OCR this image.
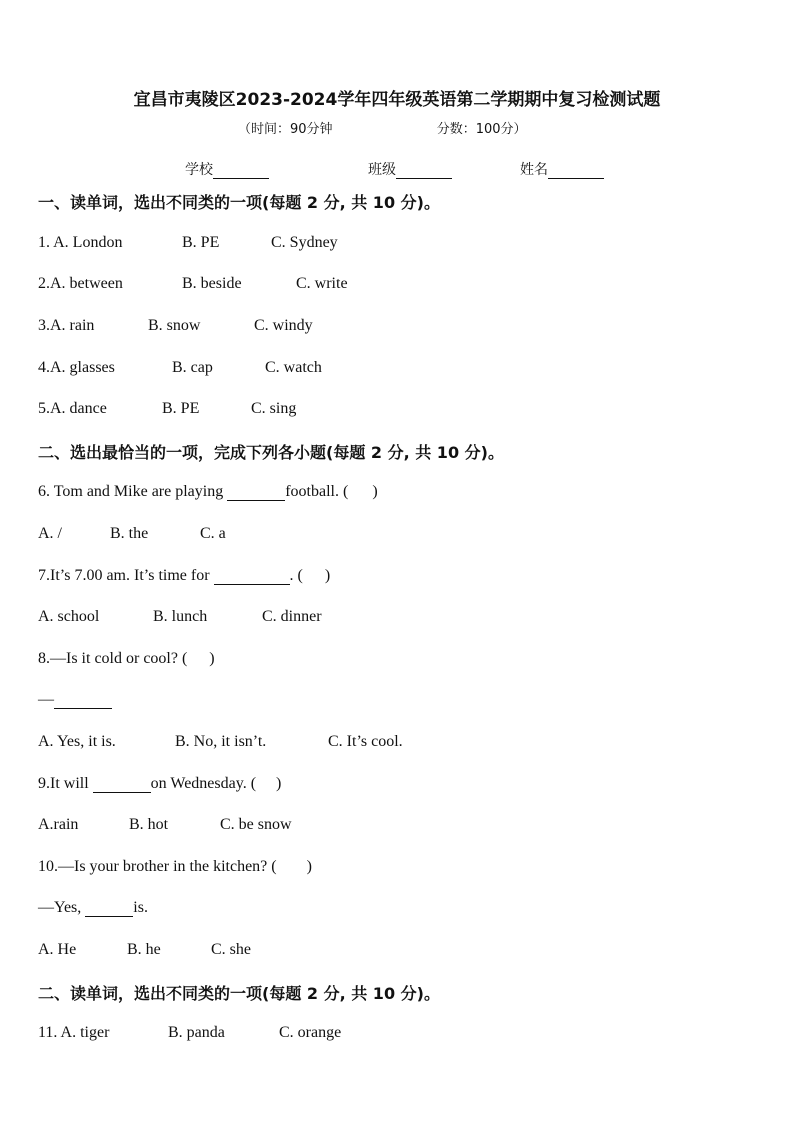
宜昌市夷陵区2023-2024学年四年级英语第二学期期中复习检测试题
（时间：90分钟	分数：100分）
学校	班级	姓名
一、读单词，选出不同类的一项(每题 2 分, 共 10 分)。
1. A. London	B. PE	C. Sydney
2.A. between	B. beside	C. write
3.A. rain	B. snow	C. windy
4.A. glasses	B. cap	C. watch
5.A. dance	B. PE	C. sing
二、选出最恰当的一项，完成下列各小题(每题 2 分, 共 10 分)。
6. Tom and Mike are playing	football. ( )
A. /	B. the	C. a
7.It’s 7.00 am. It’s time for	. ( )
A. school	B. lunch	C. dinner
8.—Is it cold or cool? ( )
—
A. Yes, it is.	B. No, it isn’t.	C. It’s cool.
9.It will	on Wednesday. ( )
A.rain	B. hot	C. be snow
10.—Is your brother in the kitchen? ( )
—Yes,	is.
A. He	B. he	C. she
二、读单词，选出不同类的一项(每题 2 分, 共 10 分)。
11. A. tiger	B. panda	C. orange
